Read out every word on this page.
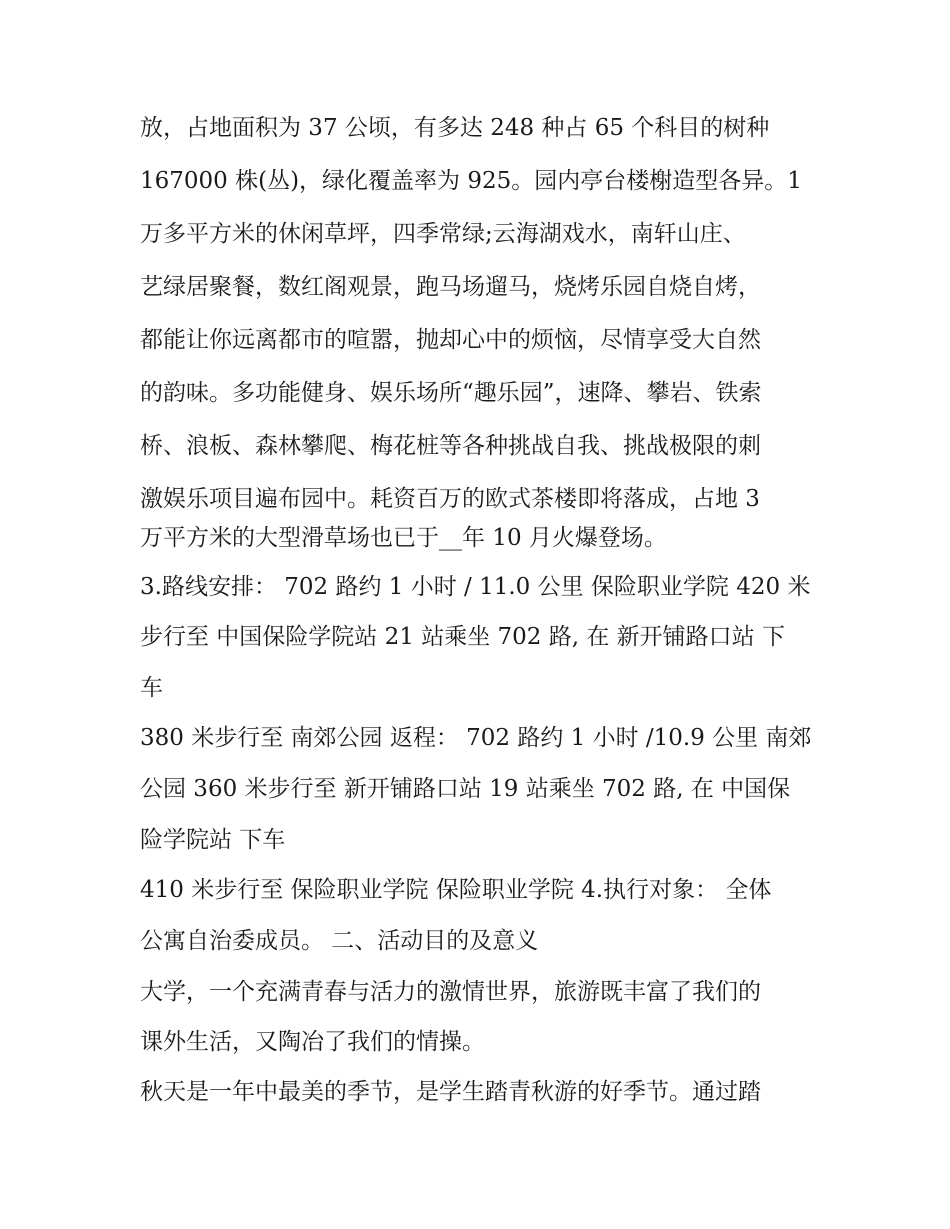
放，占地面积为 37 公顷，有多达 248 种占 65 个科目的树种
167000 株(丛)，绿化覆盖率为 925。园内亭台楼榭造型各异。1
万多平方米的休闲草坪，四季常绿;云海湖戏水，南轩山庄、
艺绿居聚餐，数红阁观景，跑马场遛马，烧烤乐园自烧自烤，
都能让你远离都市的喧嚣，抛却心中的烦恼，尽情享受大自然
的韵味。多功能健身、娱乐场所“趣乐园”，速降、攀岩、铁索
桥、浪板、森林攀爬、梅花桩等各种挑战自我、挑战极限的刺
激娱乐项目遍布园中。耗资百万的欧式茶楼即将落成，占地 3
万平方米的大型滑草场也已于__年 10 月火爆登场。
3.路线安排： 702 路约 1 小时 / 11.0 公里 保险职业学院 420 米
步行至 中国保险学院站 21 站乘坐 702 路, 在 新开铺路口站 下
车
380 米步行至 南郊公园 返程： 702 路约 1 小时 /10.9 公里 南郊
公园 360 米步行至 新开铺路口站 19 站乘坐 702 路, 在 中国保
险学院站 下车
410 米步行至 保险职业学院 保险职业学院 4.执行对象： 全体
公寓自治委成员。 二、活动目的及意义
大学，一个充满青春与活力的激情世界，旅游既丰富了我们的
课外生活，又陶冶了我们的情操。
秋天是一年中最美的季节，是学生踏青秋游的好季节。通过踏
